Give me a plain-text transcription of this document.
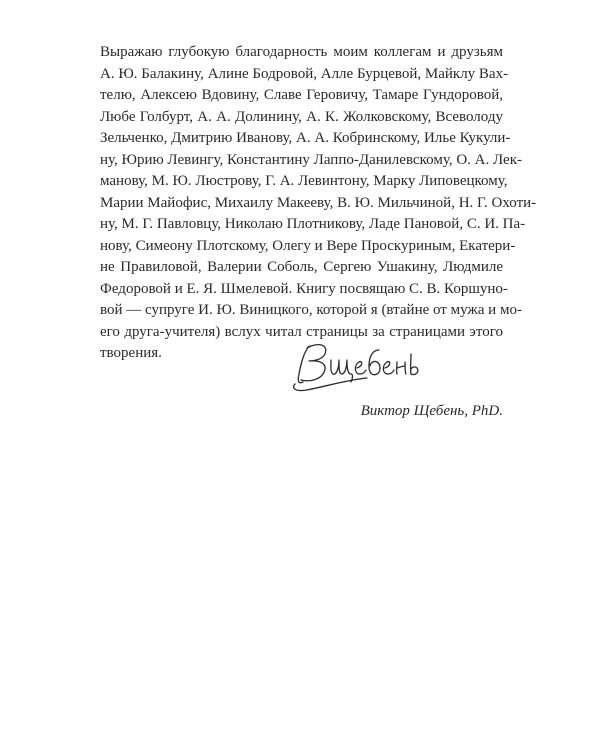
Выражаю глубокую благодарность моим коллегам и друзьям
А. Ю. Балакину, Алине Бодровой, Алле Бурцевой, Майклу Вах-
телю, Алексею Вдовину, Славе Геровичу, Тамаре Гундоровой,
Любе Голбурт, А. А. Долинину, А. К. Жолковскому, Всеволоду
Зельченко, Дмитрию Иванову, А. А. Кобринскому, Илье Кукули-
ну, Юрию Левингу, Константину Лаппо-Данилевскому, О. А. Лек-
манову, М. Ю. Люстрову, Г. А. Левинтону, Марку Липовецкому,
Марии Майофис, Михаилу Макееву, В. Ю. Мильчиной, Н. Г. Охоти-
ну, М. Г. Павловцу, Николаю Плотникову, Ладе Пановой, С. И. Па-
нову, Симеону Плотскому, Олегу и Вере Проскуриным, Екатери-
не Правиловой, Валерии Соболь, Сергею Ушакину, Людмиле
Федоровой и Е. Я. Шмелевой. Книгу посвящаю С. В. Коршуно-
вой — супруге И. Ю. Виницкого, которой я (втайне от мужа и мо-
его друга-учителя) вслух читал страницы за страницами этого
творения.
Виктор Щебень, PhD.
